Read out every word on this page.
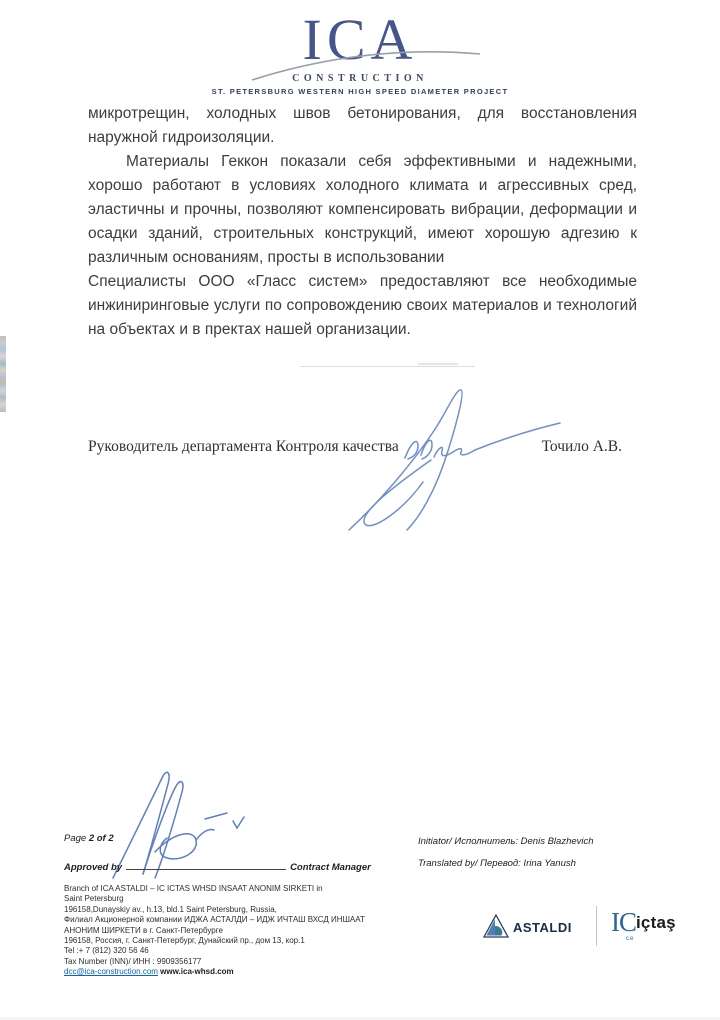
ICA
CONSTRUCTION
ST. PETERSBURG WESTERN HIGH SPEED DIAMETER PROJECT

микротрещин, холодных швов бетонирования, для восстановления наружной гидроизоляции.

Материалы Геккон показали себя эффективными и надежными, хорошо работают в условиях холодного климата и агрессивных сред, эластичны и прочны, позволяют компенсировать вибрации, деформации и осадки зданий, строительных конструкций, имеют хорошую адгезию к различным основаниям, просты в использовании

Специалисты ООО «Гласс систем» предоставляют все необходимые инжиниринговые услуги по сопровождению своих материалов и технологий на объектах и в пректах нашей организации.

Руководитель департамента Контроля качества	Точило А.В.
Page 2 of 2
Approved by	Contract Manager
Initiator/ Исполнитель: Denis Blazhevich
Translated by/ Перевод: Irina Yanush
Branch of ICA ASTALDI – IC ICTAS WHSD INSAAT ANONIM SIRKETI in
Saint Petersburg
196158,Dunayskiy av., h.13, bld.1 Saint Petersburg, Russia,
Филиал Акционерной компании ИДЖА АСТАЛДИ – ИДЖ ИЧТАШ ВХСД ИНШААТ
АНОНИМ ШИРКЕТИ в г. Санкт-Петербурге
196158, Россия, г. Санкт-Петербург, Дунайский пр., дом 13, кор.1
Tel :+ 7 (812) 320 56 46
Tax Number (INN)/ ИНН : 9909356177
dcc@ica-construction.com www.ica-whsd.com
ASTALDI ICiçtaş
ce
